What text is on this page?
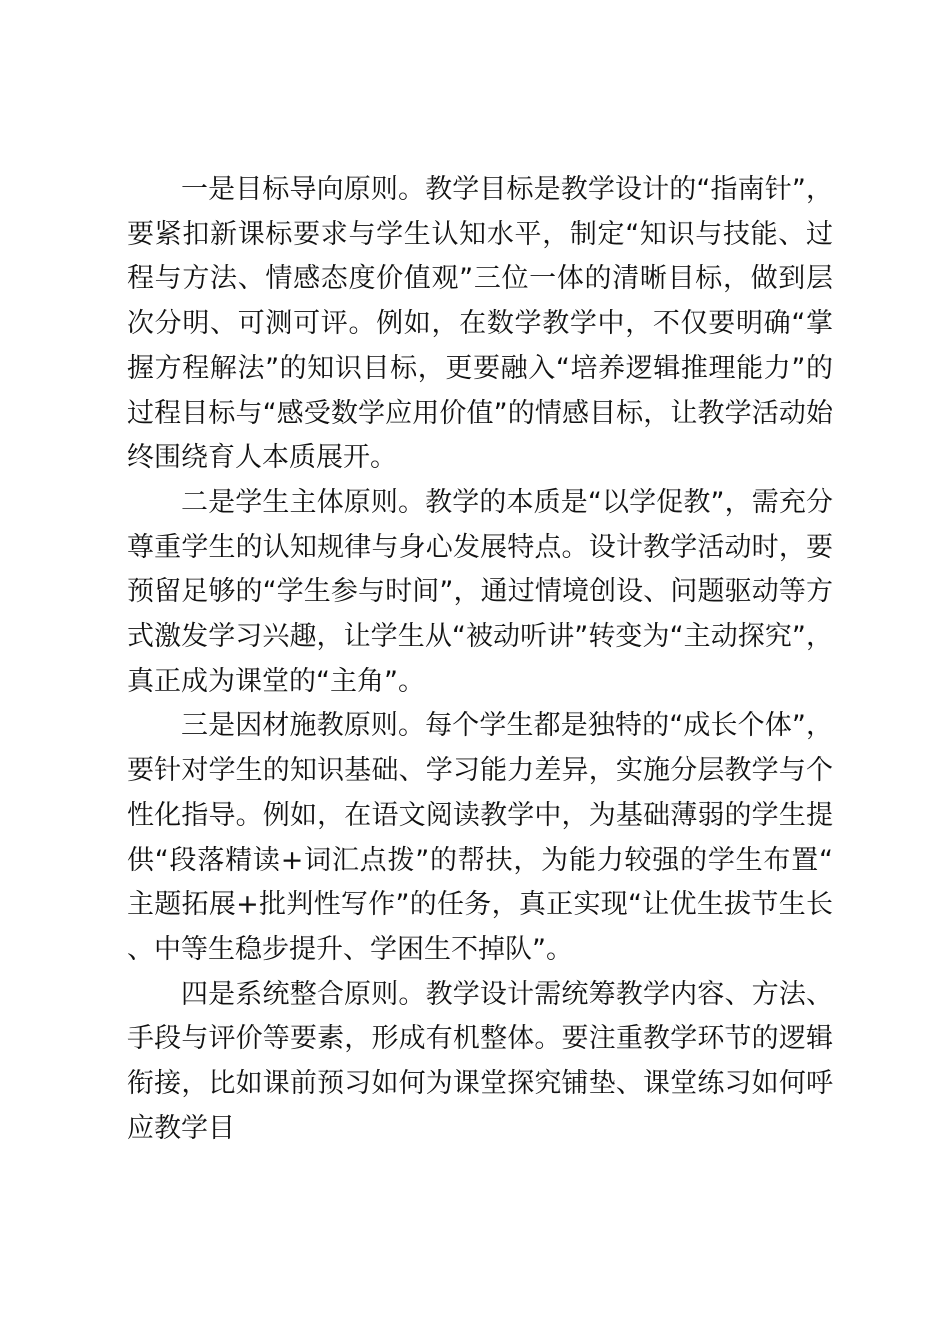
一是目标导向原则。教学目标是教学设计的“指南针”，要紧扣新课标要求与学生认知水平，制定“知识与技能、过程与方法、情感态度价值观”三位一体的清晰目标，做到层次分明、可测可评。例如，在数学教学中，不仅要明确“掌握方程解法”的知识目标，更要融入“培养逻辑推理能力”的过程目标与“感受数学应用价值”的情感目标，让教学活动始终围绕育人本质展开。

二是学生主体原则。教学的本质是“以学促教”，需充分尊重学生的认知规律与身心发展特点。设计教学活动时，要预留足够的“学生参与时间”，通过情境创设、问题驱动等方式激发学习兴趣，让学生从“被动听讲”转变为“主动探究”，真正成为课堂的“主角”。

三是因材施教原则。每个学生都是独特的“成长个体”，要针对学生的知识基础、学习能力差异，实施分层教学与个性化指导。例如，在语文阅读教学中，为基础薄弱的学生提供“段落精读+词汇点拨”的帮扶，为能力较强的学生布置“主题拓展+批判性写作”的任务，真正实现“让优生拔节生长、中等生稳步提升、学困生不掉队”。

四是系统整合原则。教学设计需统筹教学内容、方法、手段与评价等要素，形成有机整体。要注重教学环节的逻辑衔接，比如课前预习如何为课堂探究铺垫、课堂练习如何呼应教学目
